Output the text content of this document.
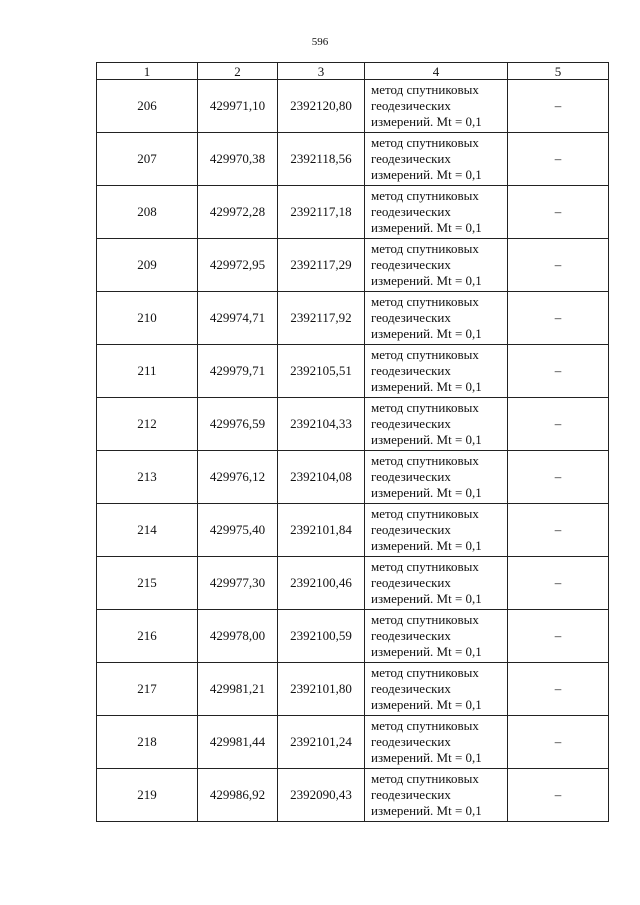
596
1	2	3	4	5
206	429971,10	2392120,80	метод спутниковых
геодезических
измерений. Mt = 0,1	–
207	429970,38	2392118,56	метод спутниковых
геодезических
измерений. Mt = 0,1	–
208	429972,28	2392117,18	метод спутниковых
геодезических
измерений. Mt = 0,1	–
209	429972,95	2392117,29	метод спутниковых
геодезических
измерений. Mt = 0,1	–
210	429974,71	2392117,92	метод спутниковых
геодезических
измерений. Mt = 0,1	–
211	429979,71	2392105,51	метод спутниковых
геодезических
измерений. Mt = 0,1	–
212	429976,59	2392104,33	метод спутниковых
геодезических
измерений. Mt = 0,1	–
213	429976,12	2392104,08	метод спутниковых
геодезических
измерений. Mt = 0,1	–
214	429975,40	2392101,84	метод спутниковых
геодезических
измерений. Mt = 0,1	–
215	429977,30	2392100,46	метод спутниковых
геодезических
измерений. Mt = 0,1	–
216	429978,00	2392100,59	метод спутниковых
геодезических
измерений. Mt = 0,1	–
217	429981,21	2392101,80	метод спутниковых
геодезических
измерений. Mt = 0,1	–
218	429981,44	2392101,24	метод спутниковых
геодезических
измерений. Mt = 0,1	–
219	429986,92	2392090,43	метод спутниковых
геодезических
измерений. Mt = 0,1	–
